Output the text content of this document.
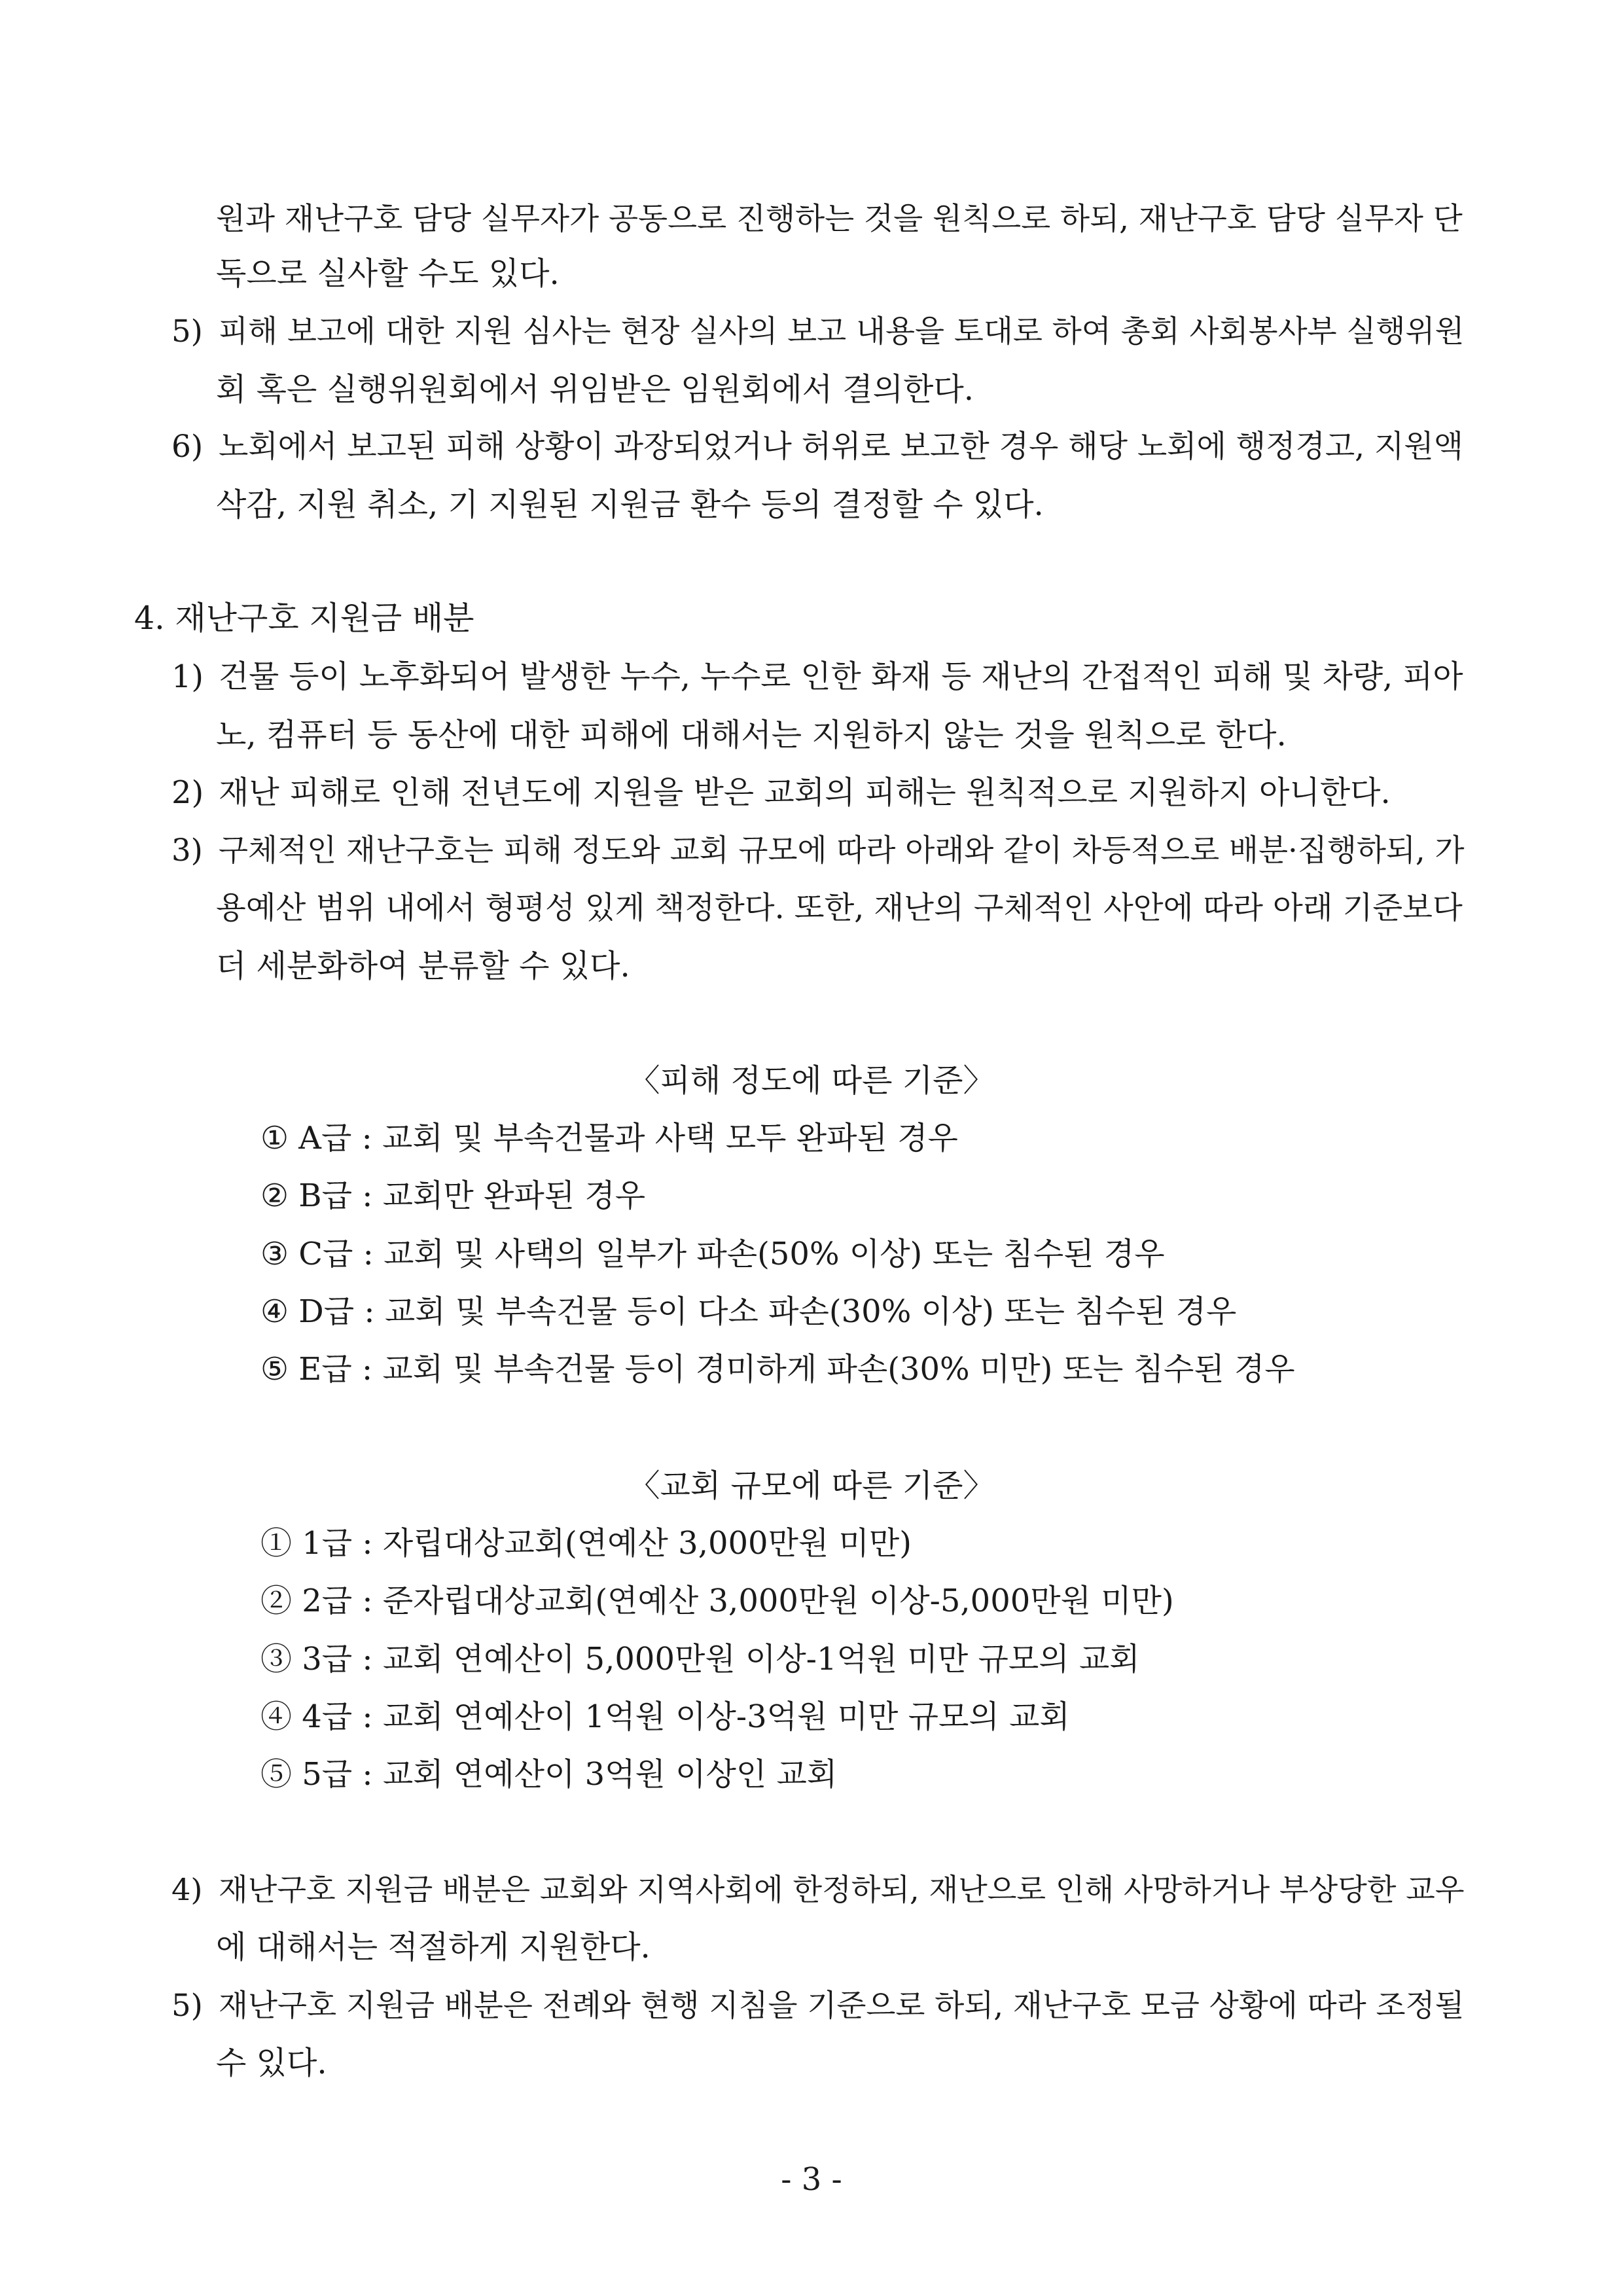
원과 재난구호 담당 실무자가 공동으로 진행하는 것을 원칙으로 하되, 재난구호 담당 실무자 단
독으로 실사할 수도 있다.
5) 피해 보고에 대한 지원 심사는 현장 실사의 보고 내용을 토대로 하여 총회 사회봉사부 실행위원
회 혹은 실행위원회에서 위임받은 임원회에서 결의한다.
6) 노회에서 보고된 피해 상황이 과장되었거나 허위로 보고한 경우 해당 노회에 행정경고, 지원액
삭감, 지원 취소, 기 지원된 지원금 환수 등의 결정할 수 있다.
4. 재난구호 지원금 배분
1) 건물 등이 노후화되어 발생한 누수, 누수로 인한 화재 등 재난의 간접적인 피해 및 차량, 피아
노, 컴퓨터 등 동산에 대한 피해에 대해서는 지원하지 않는 것을 원칙으로 한다.
2) 재난 피해로 인해 전년도에 지원을 받은 교회의 피해는 원칙적으로 지원하지 아니한다.
3) 구체적인 재난구호는 피해 정도와 교회 규모에 따라 아래와 같이 차등적으로 배분·집행하되, 가
용예산 범위 내에서 형평성 있게 책정한다. 또한, 재난의 구체적인 사안에 따라 아래 기준보다
더 세분화하여 분류할 수 있다.
〈피해 정도에 따른 기준〉
① A급 : 교회 및 부속건물과 사택 모두 완파된 경우
② B급 : 교회만 완파된 경우
③ C급 : 교회 및 사택의 일부가 파손(50% 이상) 또는 침수된 경우
④ D급 : 교회 및 부속건물 등이 다소 파손(30% 이상) 또는 침수된 경우
⑤ E급 : 교회 및 부속건물 등이 경미하게 파손(30% 미만) 또는 침수된 경우
〈교회 규모에 따른 기준〉
① 1급 : 자립대상교회(연예산 3,000만원 미만)
② 2급 : 준자립대상교회(연예산 3,000만원 이상-5,000만원 미만)
③ 3급 : 교회 연예산이 5,000만원 이상-1억원 미만 규모의 교회
④ 4급 : 교회 연예산이 1억원 이상-3억원 미만 규모의 교회
⑤ 5급 : 교회 연예산이 3억원 이상인 교회
4) 재난구호 지원금 배분은 교회와 지역사회에 한정하되, 재난으로 인해 사망하거나 부상당한 교우
에 대해서는 적절하게 지원한다.
5) 재난구호 지원금 배분은 전례와 현행 지침을 기준으로 하되, 재난구호 모금 상황에 따라 조정될
수 있다.
- 3 -
